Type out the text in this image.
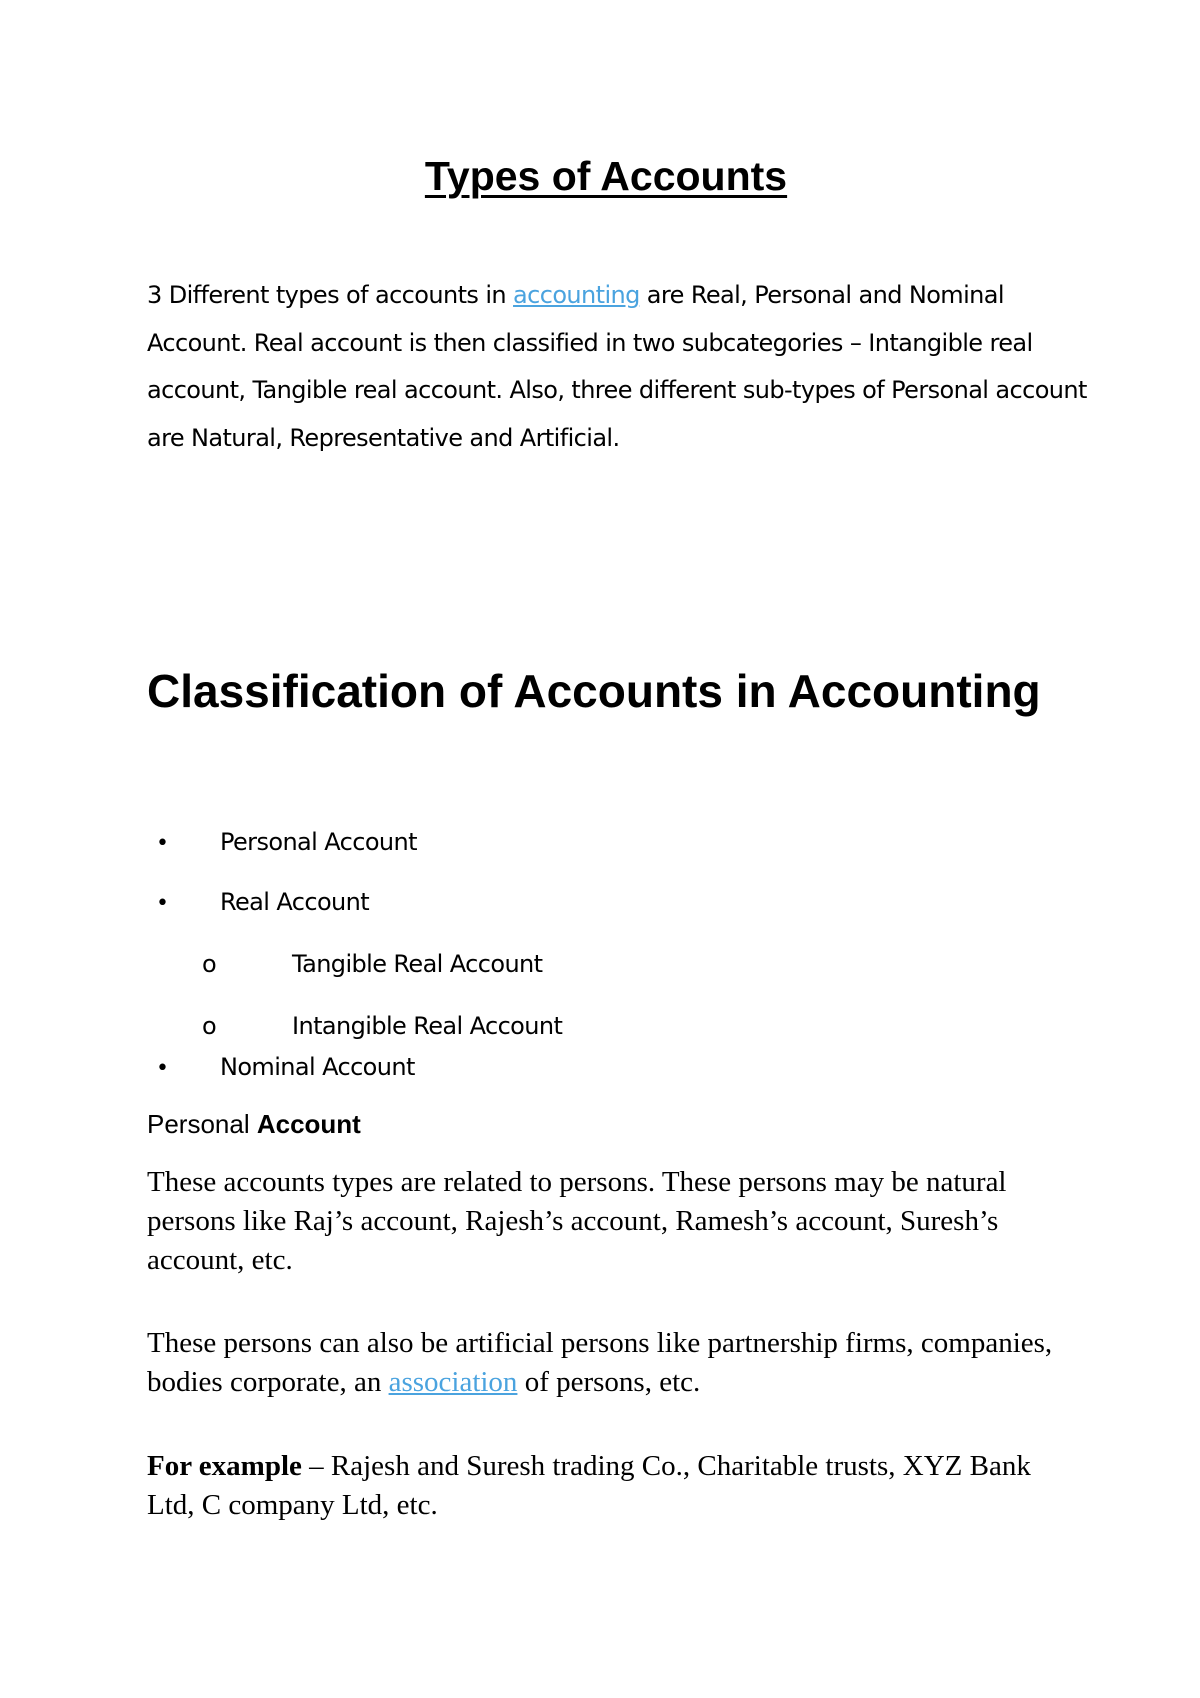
Types of Accounts

3 Different types of accounts in accounting are Real, Personal and Nominal Account. Real account is then classified in two subcategories – Intangible real account, Tangible real account. Also, three different sub-types of Personal account are Natural, Representative and Artificial.

Classification of Accounts in Accounting
• Personal Account
• Real Account
o	Tangible Real Account
o	Intangible Real Account
• Nominal Account
Personal Account

These accounts types are related to persons. These persons may be natural persons like Raj’s account, Rajesh’s account, Ramesh’s account, Suresh’s account, etc.

These persons can also be artificial persons like partnership firms, companies, bodies corporate, an association of persons, etc.

For example – Rajesh and Suresh trading Co., Charitable trusts, XYZ Bank Ltd, C company Ltd, etc.
